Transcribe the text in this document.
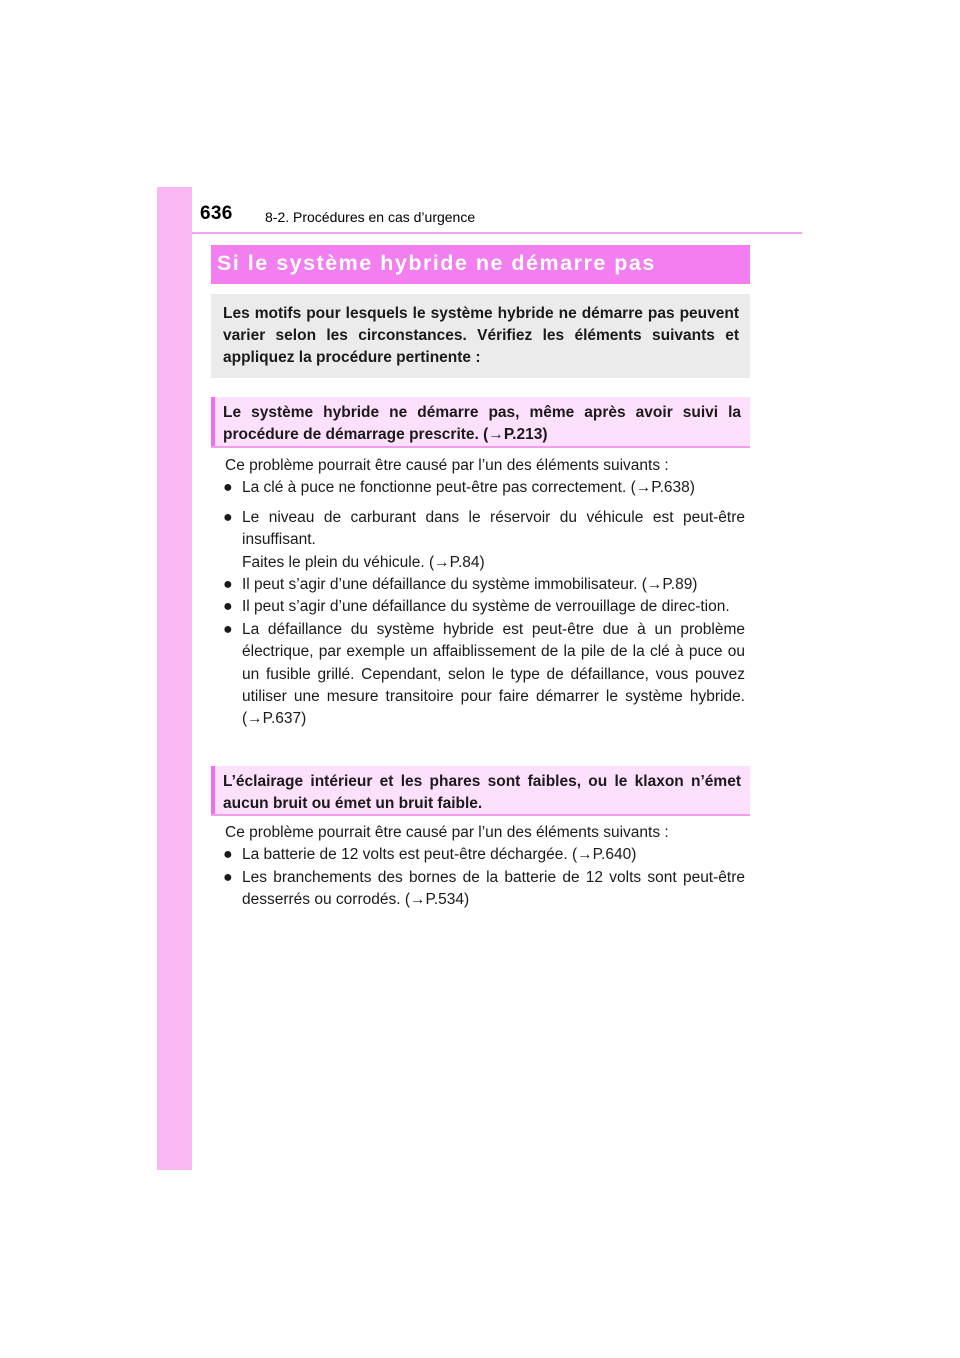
636 8-2. Procédures en cas d’urgence
Si le système hybride ne démarre pas

Les motifs pour lesquels le système hybride ne démarre pas peuvent varier selon les circonstances. Vérifiez les éléments suivants et appliquez la procédure pertinente :

Le système hybride ne démarre pas, même après avoir suivi la procédure de démarrage prescrite. (→P.213)

Ce problème pourrait être causé par l’un des éléments suivants :

● La clé à puce ne fonctionne peut-être pas correctement. (→P.638)

● Le niveau de carburant dans le réservoir du véhicule est peut-être insuffisant.
Faites le plein du véhicule. (→P.84)

● Il peut s’agir d’une défaillance du système immobilisateur. (→P.89)

● Il peut s’agir d’une défaillance du système de verrouillage de direc-tion.

● La défaillance du système hybride est peut-être due à un problème électrique, par exemple un affaiblissement de la pile de la clé à puce ou un fusible grillé. Cependant, selon le type de défaillance, vous pouvez utiliser une mesure transitoire pour faire démarrer le système hybride. (→P.637)

L’éclairage intérieur et les phares sont faibles, ou le klaxon n’émet aucun bruit ou émet un bruit faible.

Ce problème pourrait être causé par l’un des éléments suivants :

● La batterie de 12 volts est peut-être déchargée. (→P.640)

● Les branchements des bornes de la batterie de 12 volts sont peut-être desserrés ou corrodés. (→P.534)
